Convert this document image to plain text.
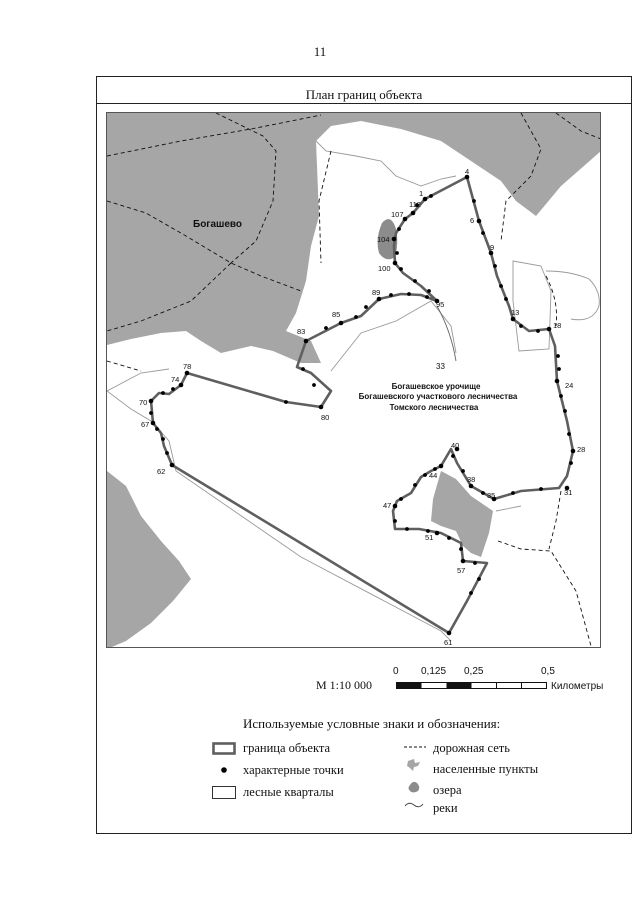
11
План границ объекта
1
4
6
9
13
18
24
28
31
35
38
40
44
47
51
57
61
62
67
70
74
78
80
83
85
89
95
100
104
107
112
Богашево
33
Богашевское урочище
Богашевского участкового лесничества
Томского лесничества
М 1:10 000
0 0,125 0,25	0,5
Километры
Используемые условные знаки и обозначения:
граница объекта
характерные точки
лесные кварталы
дорожная сеть
населенные пункты
озера
реки
